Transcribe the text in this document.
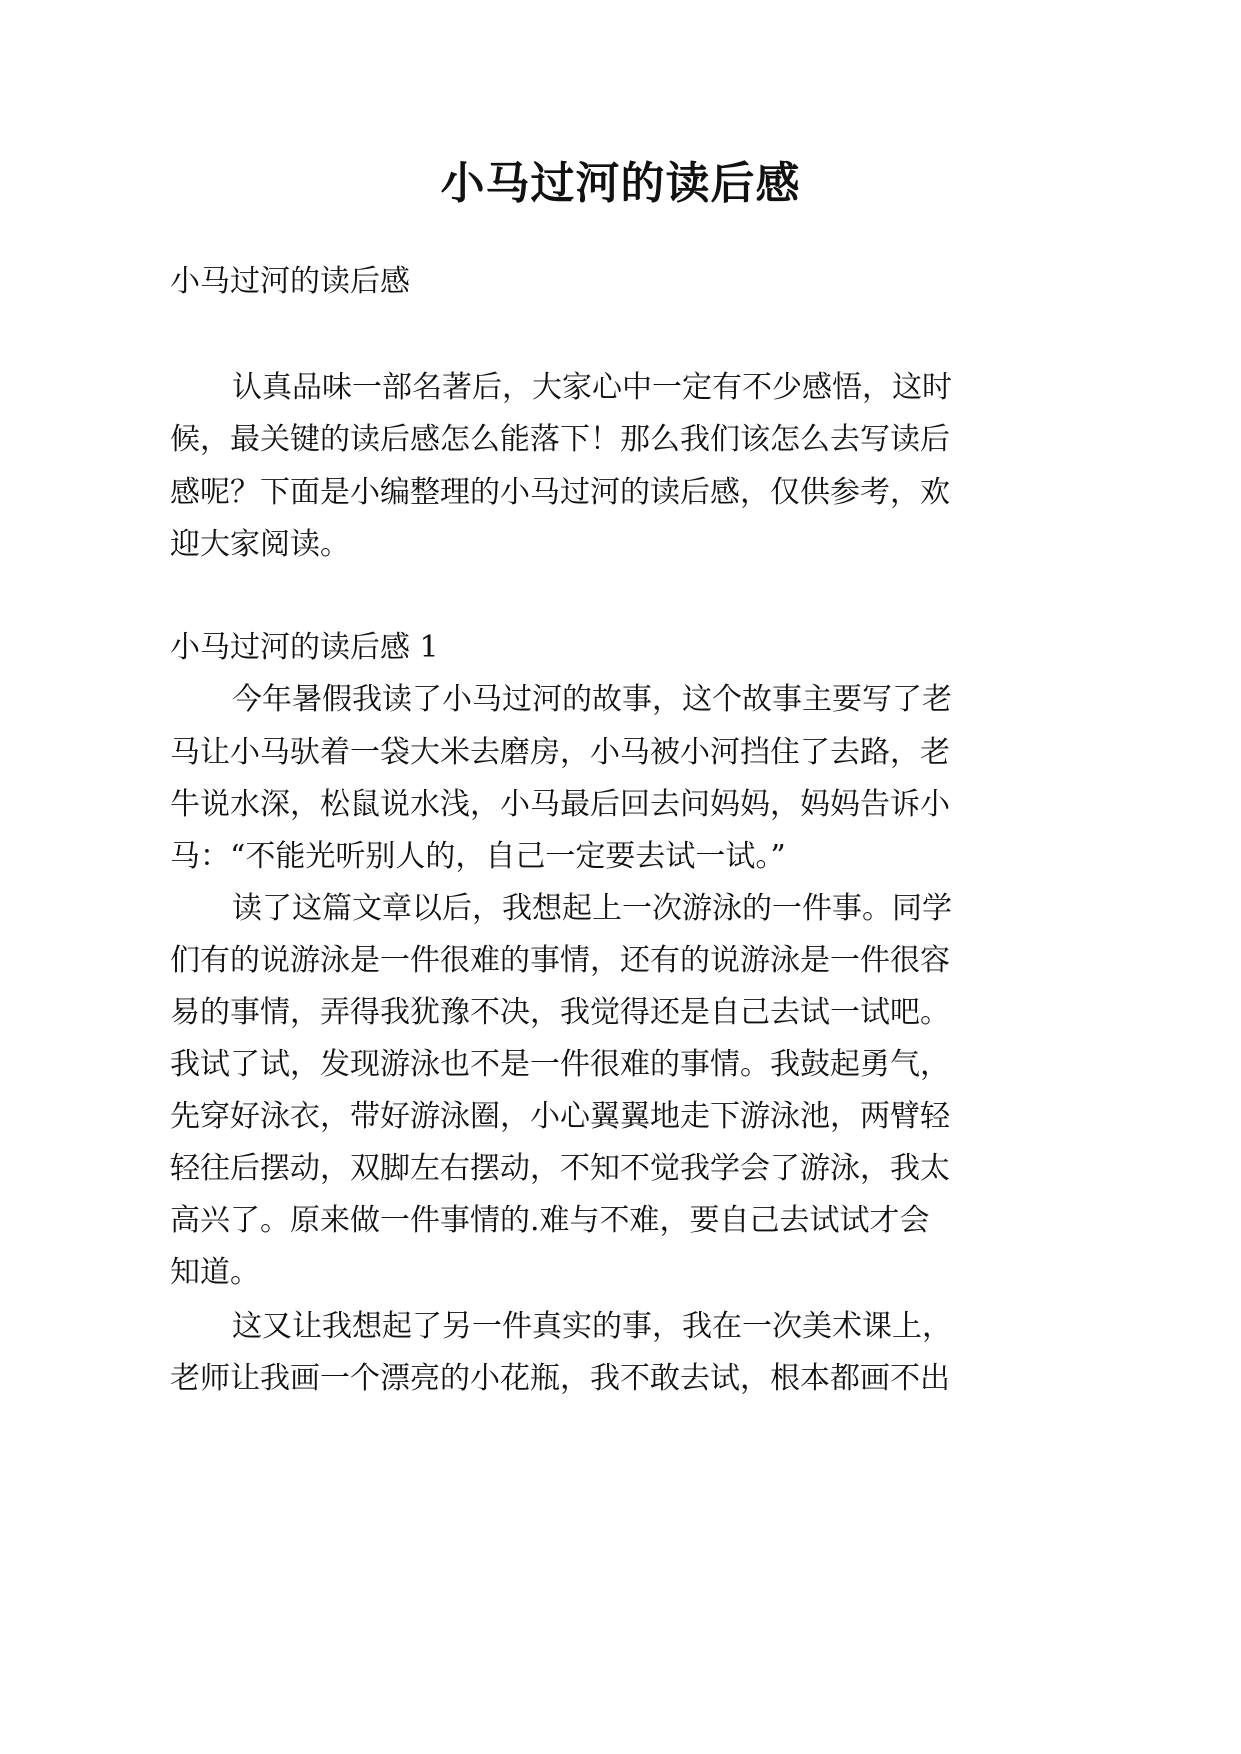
小马过河的读后感
小马过河的读后感
认真品味一部名著后，大家心中一定有不少感悟，这时
候，最关键的读后感怎么能落下！那么我们该怎么去写读后
感呢？下面是小编整理的小马过河的读后感，仅供参考，欢
迎大家阅读。
小马过河的读后感 1
今年暑假我读了小马过河的故事，这个故事主要写了老
马让小马驮着一袋大米去磨房，小马被小河挡住了去路，老
牛说水深，松鼠说水浅，小马最后回去问妈妈，妈妈告诉小
马：“不能光听别人的，自己一定要去试一试。”
读了这篇文章以后，我想起上一次游泳的一件事。同学
们有的说游泳是一件很难的事情，还有的说游泳是一件很容
易的事情，弄得我犹豫不决，我觉得还是自己去试一试吧。
我试了试，发现游泳也不是一件很难的事情。我鼓起勇气，
先穿好泳衣，带好游泳圈，小心翼翼地走下游泳池，两臂轻
轻往后摆动，双脚左右摆动，不知不觉我学会了游泳，我太
高兴了。原来做一件事情的.难与不难，要自己去试试才会
知道。
这又让我想起了另一件真实的事，我在一次美术课上，
老师让我画一个漂亮的小花瓶，我不敢去试，根本都画不出
